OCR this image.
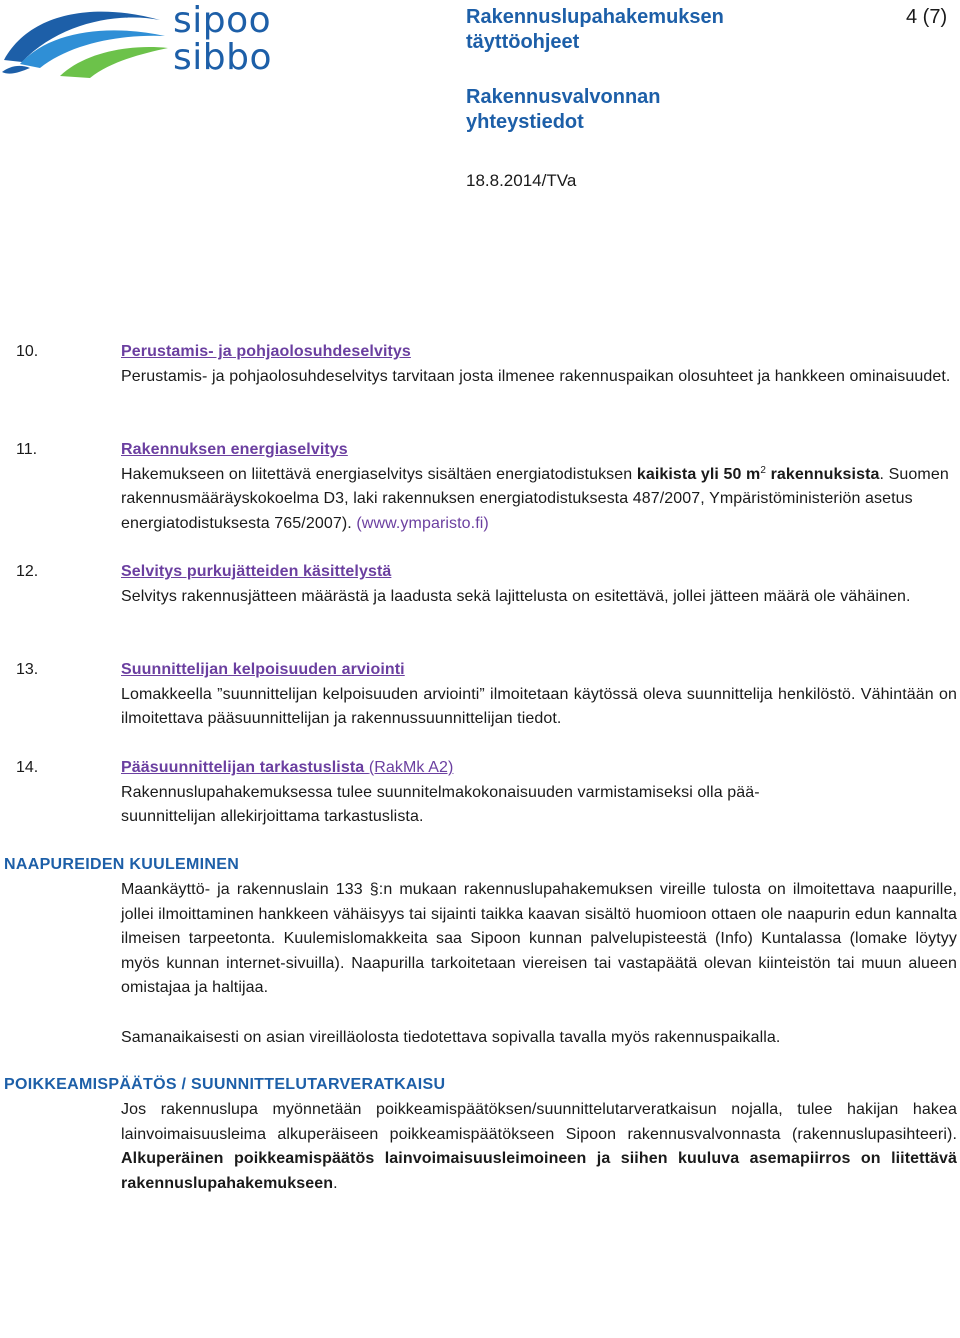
sipoo
sibbo
Rakennuslupahakemuksen
täyttöohjeet
Rakennusvalvonnan
yhteystiedot
18.8.2014/TVa
4 (7)
10.	Perustamis- ja pohjaolosuhdeselvitys
Perustamis- ja pohjaolosuhdeselvitys tarvitaan josta ilmenee rakennuspaikan olosuhteet ja hankkeen ominaisuudet.
11.	Rakennuksen energiaselvitys
Hakemukseen on liitettävä energiaselvitys sisältäen energiatodistuksen kaikista yli 50 $m^2$ rakennuksista. Suomen rakennusmääräyskokoelma D3, laki rakennuksen energiatodistuksesta 487/2007, Ympäristöministeriön asetus energiatodistuksesta 765/2007). (www.ymparisto.fi)
12.	Selvitys purkujätteiden käsittelystä
Selvitys rakennusjätteen määrästä ja laadusta sekä lajittelusta on esitettävä, jollei jätteen määrä ole vähäinen.
13.	Suunnittelijan kelpoisuuden arviointi
Lomakkeella ”suunnittelijan kelpoisuuden arviointi” ilmoitetaan käytössä oleva suunnittelija henkilöstö. Vähintään on ilmoitettava pääsuunnittelijan ja rakennussuunnittelijan tiedot.
14.	Pääsuunnittelijan tarkastuslista (RakMk A2)
Rakennuslupahakemuksessa tulee suunnitelmakokonaisuuden varmistamiseksi olla pää-
suunnittelijan allekirjoittama tarkastuslista.
NAAPUREIDEN KUULEMINEN
Maankäyttö- ja rakennuslain 133 §:n mukaan rakennuslupahakemuksen vireille tulosta on ilmoitettava naapurille, jollei ilmoittaminen hankkeen vähäisyys tai sijainti taikka kaavan sisältö huomioon ottaen ole naapurin edun kannalta ilmeisen tarpeetonta. Kuulemislomakkeita saa Sipoon kunnan palvelupisteestä (Info) Kuntalassa (lomake löytyy myös kunnan internet-sivuilla). Naapurilla tarkoitetaan viereisen tai vastapäätä olevan kiinteistön tai muun alueen omistajaa ja haltijaa.
Samanaikaisesti on asian vireilläolosta tiedotettava sopivalla tavalla myös rakennuspaikalla.
POIKKEAMISPÄÄTÖS / SUUNNITTELUTARVERATKAISU
Jos rakennuslupa myönnetään poikkeamispäätöksen/suunnittelutarveratkaisun nojalla, tulee hakijan hakea lainvoimaisuusleima alkuperäiseen poikkeamispäätökseen Sipoon rakennusvalvonnasta (rakennuslupasihteeri). Alkuperäinen poikkeamispäätös lainvoimaisuusleimoineen ja siihen kuuluva asemapiirros on liitettävä rakennuslupahakemukseen.
